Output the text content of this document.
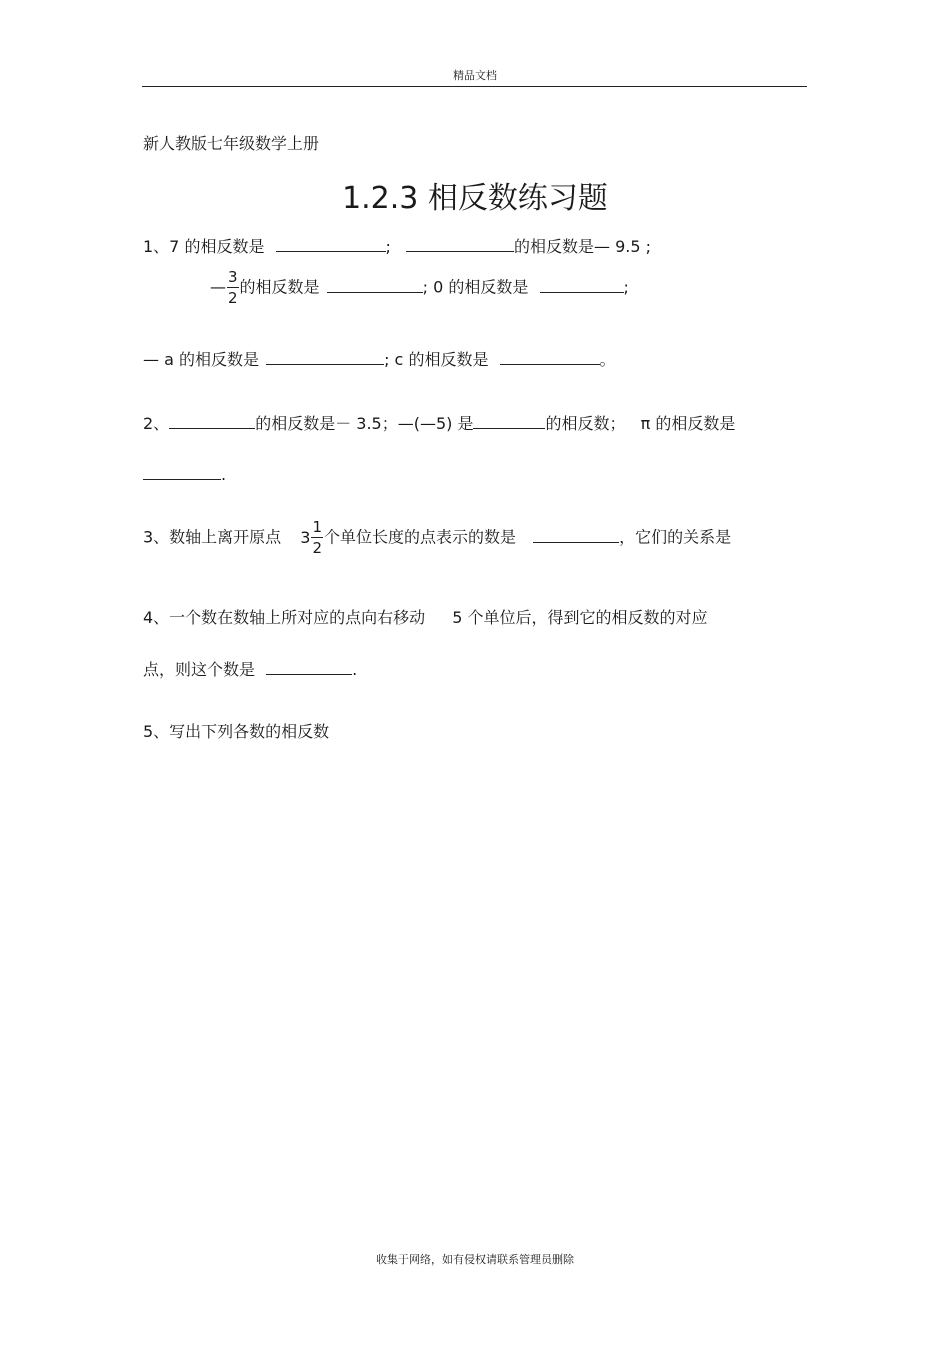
精品文档
新人教版七年级数学上册
1.2.3 相反数练习题
1、7 的相反数是	;	的相反数是— 9.5 ;
— $\frac{3}{2}$ 的相反数是	; 0 的相反数是	;
— a 的相反数是	; c 的相反数是	。
2、	的相反数是－ 3.5；—(—5) 是	的相反数； π 的相反数是
.
3、数轴上离开原点 $3 \frac{1}{2}$ 个单位长度的点表示的数是	，它们的关系是
4、一个数在数轴上所对应的点向右移动 5 个单位后，得到它的相反数的对应
点，则这个数是	.
5、写出下列各数的相反数
收集于网络，如有侵权请联系管理员删除
